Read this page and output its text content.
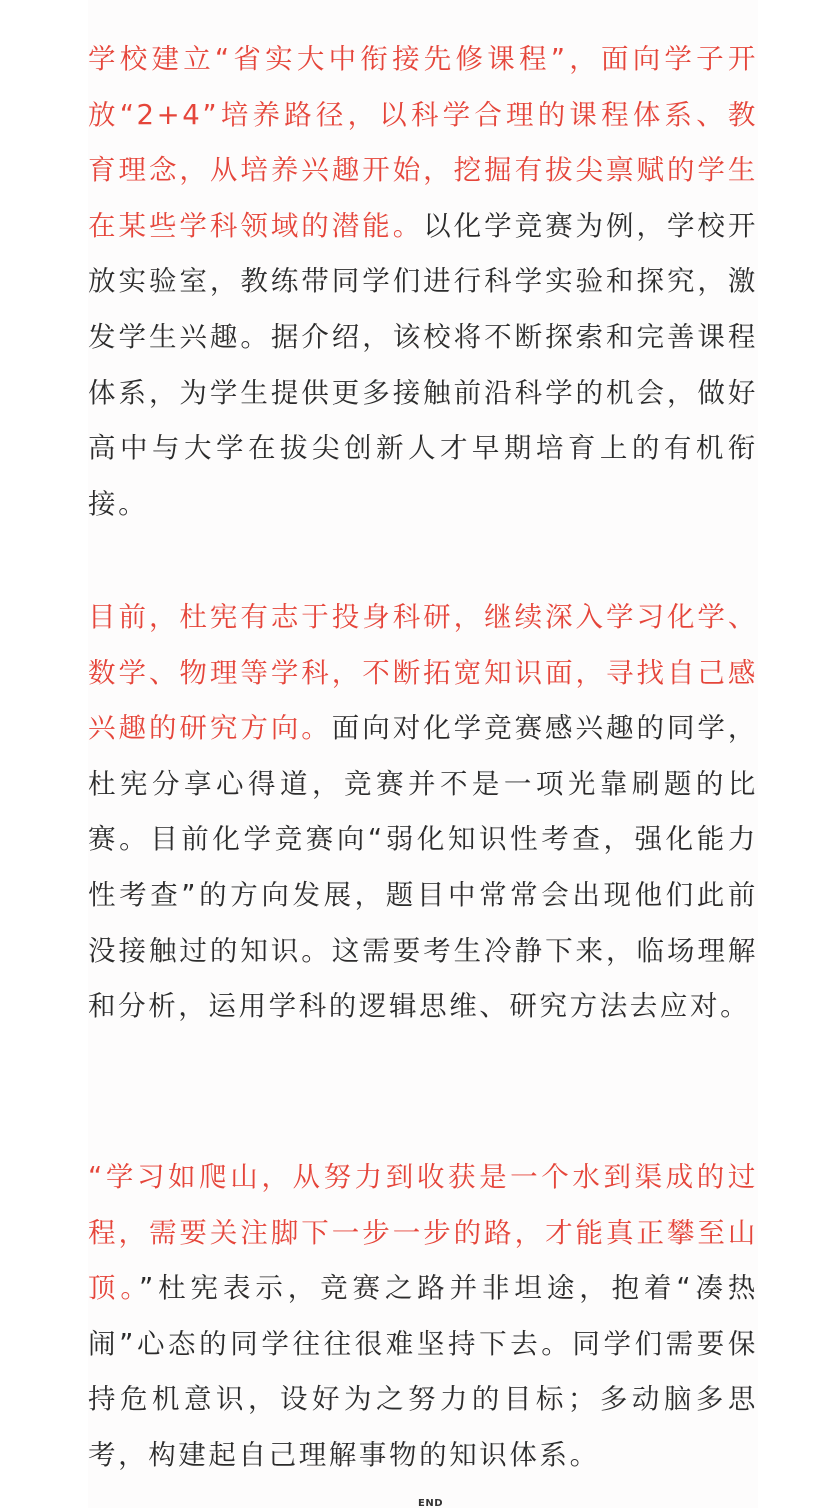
学校建立“省实大中衔接先修课程”，面向学子开放“2+4”培养路径，以科学合理的课程体系、教育理念，从培养兴趣开始，挖掘有拔尖禀赋的学生在某些学科领域的潜能。以化学竞赛为例，学校开放实验室，教练带同学们进行科学实验和探究，激发学生兴趣。据介绍，该校将不断探索和完善课程体系，为学生提供更多接触前沿科学的机会，做好高中与大学在拔尖创新人才早期培育上的有机衔接。

目前，杜宪有志于投身科研，继续深入学习化学、数学、物理等学科，不断拓宽知识面，寻找自己感兴趣的研究方向。面向对化学竞赛感兴趣的同学，杜宪分享心得道，竞赛并不是一项光靠刷题的比赛。目前化学竞赛向“弱化知识性考查，强化能力性考查”的方向发展，题目中常常会出现他们此前没接触过的知识。这需要考生冷静下来，临场理解和分析，运用学科的逻辑思维、研究方法去应对。

“学习如爬山，从努力到收获是一个水到渠成的过程，需要关注脚下一步一步的路，才能真正攀至山顶。”杜宪表示，竞赛之路并非坦途，抱着“凑热闹”心态的同学往往很难坚持下去。同学们需要保持危机意识，设好为之努力的目标；多动脑多思考，构建起自己理解事物的知识体系。

END
